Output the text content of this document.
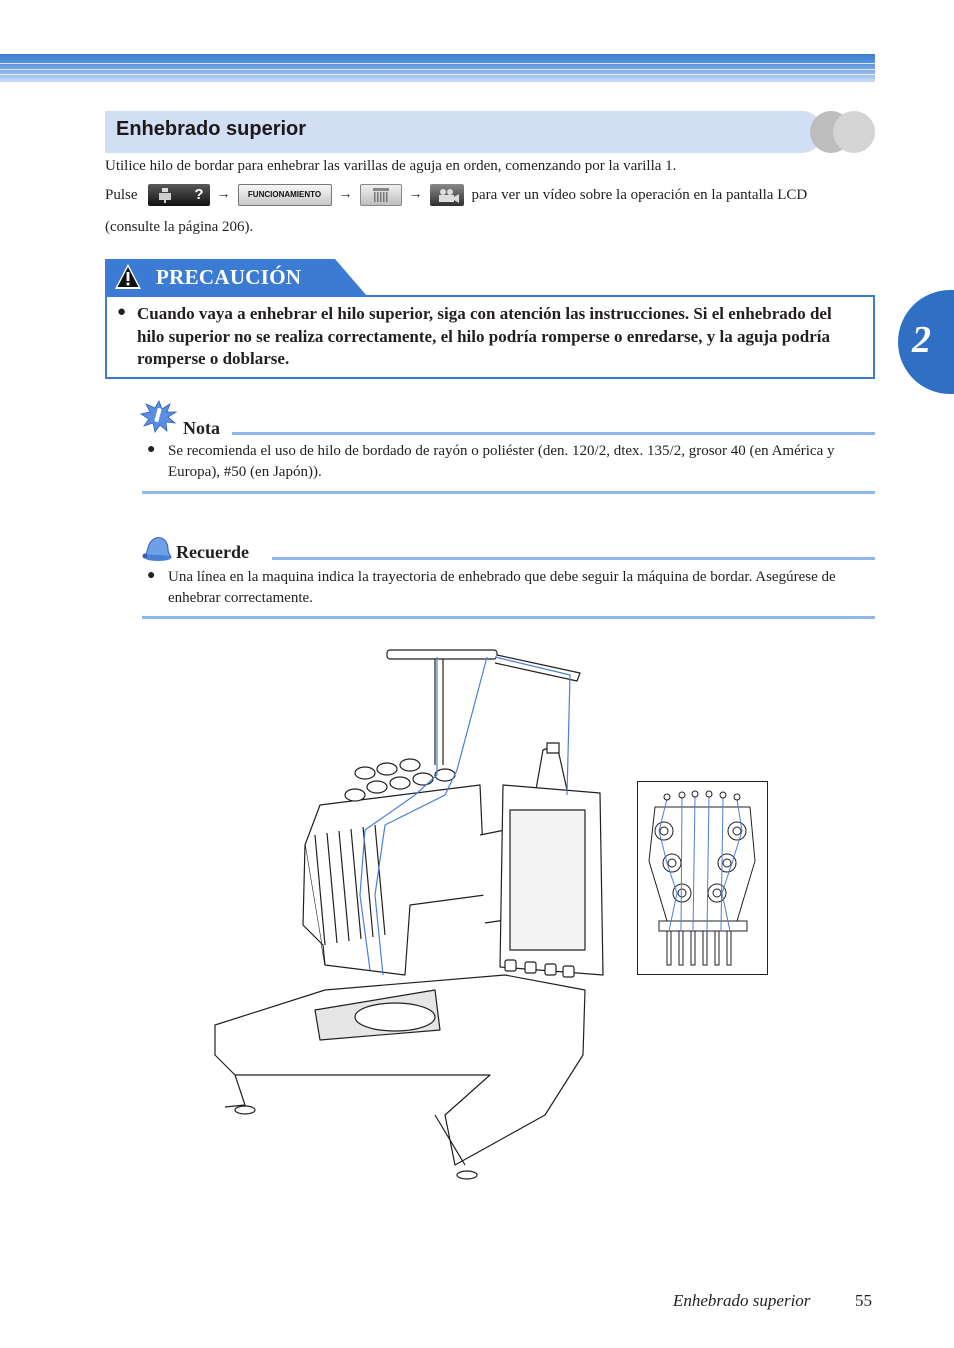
Enhebrado superior
Utilice hilo de bordar para enhebrar las varillas de aguja en orden, comenzando por la varilla 1.
Pulse	? →	FUNCIONAMIENTO	→	→	para ver un vídeo sobre la operación en la pantalla LCD
(consulte la página 206).
PRECAUCIÓN
● Cuando vaya a enhebrar el hilo superior, siga con atención las instrucciones. Si el enhebrado del hilo superior no se realiza correctamente, el hilo podría romperse o enredarse, y la aguja podría romperse o doblarse.
Nota
● Se recomienda el uso de hilo de bordado de rayón o poliéster (den. 120/2, dtex. 135/2, grosor 40 (en América y Europa), #50 (en Japón)).
Recuerde
● Una línea en la maquina indica la trayectoria de enhebrado que debe seguir la máquina de bordar. Asegúrese de enhebrar correctamente.
2
Enhebrado superior	55
